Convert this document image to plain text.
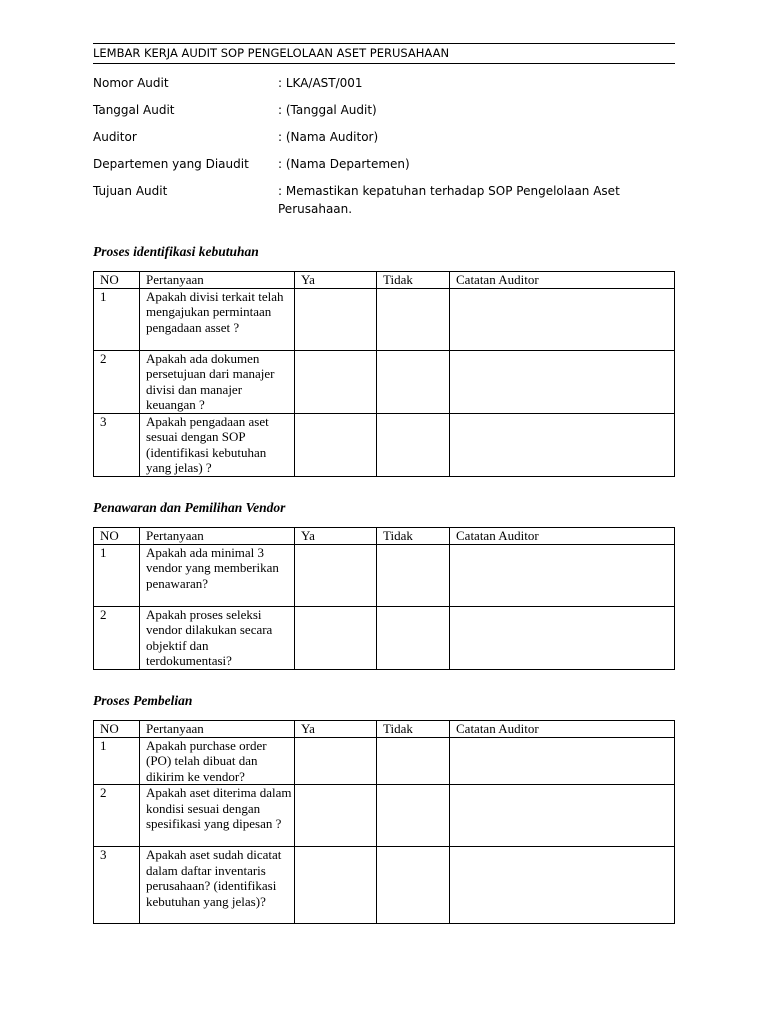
LEMBAR KERJA AUDIT SOP PENGELOLAAN ASET PERUSAHAAN
Nomor Audit	: LKA/AST/001
Tanggal Audit	: (Tanggal Audit)
Auditor	: (Nama Auditor)
Departemen yang Diaudit	: (Nama Departemen)
Tujuan Audit	: Memastikan kepatuhan terhadap SOP Pengelolaan Aset Perusahaan.
Proses identifikasi kebutuhan
NO	Pertanyaan	Ya	Tidak	Catatan Auditor
1	Apakah divisi terkait telah mengajukan permintaan pengadaan asset ?			
2	Apakah ada dokumen persetujuan dari manajer divisi dan manajer keuangan ?			
3	Apakah pengadaan aset sesuai dengan SOP (identifikasi kebutuhan yang jelas) ?			
Penawaran dan Pemilihan Vendor
NO	Pertanyaan	Ya	Tidak	Catatan Auditor
1	Apakah ada minimal 3 vendor yang memberikan penawaran?			
2	Apakah proses seleksi vendor dilakukan secara objektif dan terdokumentasi?			
Proses Pembelian
NO	Pertanyaan	Ya	Tidak	Catatan Auditor
1	Apakah purchase order (PO) telah dibuat dan dikirim ke vendor?			
2	Apakah aset diterima dalam kondisi sesuai dengan spesifikasi yang dipesan ?			
3	Apakah aset sudah dicatat dalam daftar inventaris perusahaan? (identifikasi kebutuhan yang jelas)?			
